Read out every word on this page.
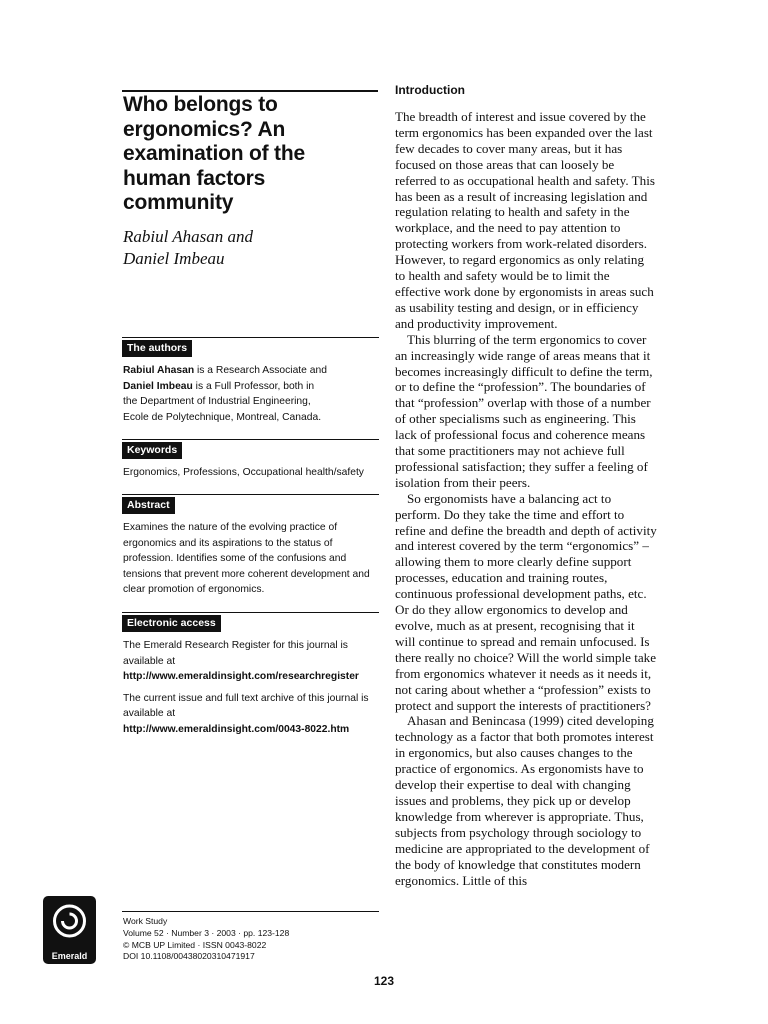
Who belongs to ergonomics? An examination of the human factors community
Rabiul Ahasan and
Daniel Imbeau
The authors
Rabiul Ahasan is a Research Associate and
Daniel Imbeau is a Full Professor, both in
the Department of Industrial Engineering,
Ecole de Polytechnique, Montreal, Canada.
Keywords
Ergonomics, Professions, Occupational health/safety
Abstract
Examines the nature of the evolving practice of ergonomics and its aspirations to the status of profession. Identifies some of the confusions and tensions that prevent more coherent development and clear promotion of ergonomics.
Electronic access
The Emerald Research Register for this journal is available at
http://www.emeraldinsight.com/researchregister
The current issue and full text archive of this journal is available at
http://www.emeraldinsight.com/0043-8022.htm
Emerald
Work Study
Volume 52 · Number 3 · 2003 · pp. 123-128
© MCB UP Limited · ISSN 0043-8022
DOI 10.1108/00438020310471917
Introduction

The breadth of interest and issue covered by the term ergonomics has been expanded over the last few decades to cover many areas, but it has focused on those areas that can loosely be referred to as occupational health and safety. This has been as a result of increasing legislation and regulation relating to health and safety in the workplace, and the need to pay attention to protecting workers from work-related disorders. However, to regard ergonomics as only relating to health and safety would be to limit the effective work done by ergonomists in areas such as usability testing and design, or in efficiency and productivity improvement.

This blurring of the term ergonomics to cover an increasingly wide range of areas means that it becomes increasingly difficult to define the term, or to define the “profession”. The boundaries of that “profession” overlap with those of a number of other specialisms such as engineering. This lack of professional focus and coherence means that some practitioners may not achieve full professional satisfaction; they suffer a feeling of isolation from their peers.

So ergonomists have a balancing act to perform. Do they take the time and effort to refine and define the breadth and depth of activity and interest covered by the term “ergonomics” – allowing them to more clearly define support processes, education and training routes, continuous professional development paths, etc. Or do they allow ergonomics to develop and evolve, much as at present, recognising that it will continue to spread and remain unfocused. Is there really no choice? Will the world simple take from ergonomics whatever it needs as it needs it, not caring about whether a “profession” exists to protect and support the interests of practitioners?

Ahasan and Benincasa (1999) cited developing technology as a factor that both promotes interest in ergonomics, but also causes changes to the practice of ergonomics. As ergonomists have to develop their expertise to deal with changing issues and problems, they pick up or develop knowledge from wherever is appropriate. Thus, subjects from psychology through sociology to medicine are appropriated to the development of the body of knowledge that constitutes modern ergonomics. Little of this

123
